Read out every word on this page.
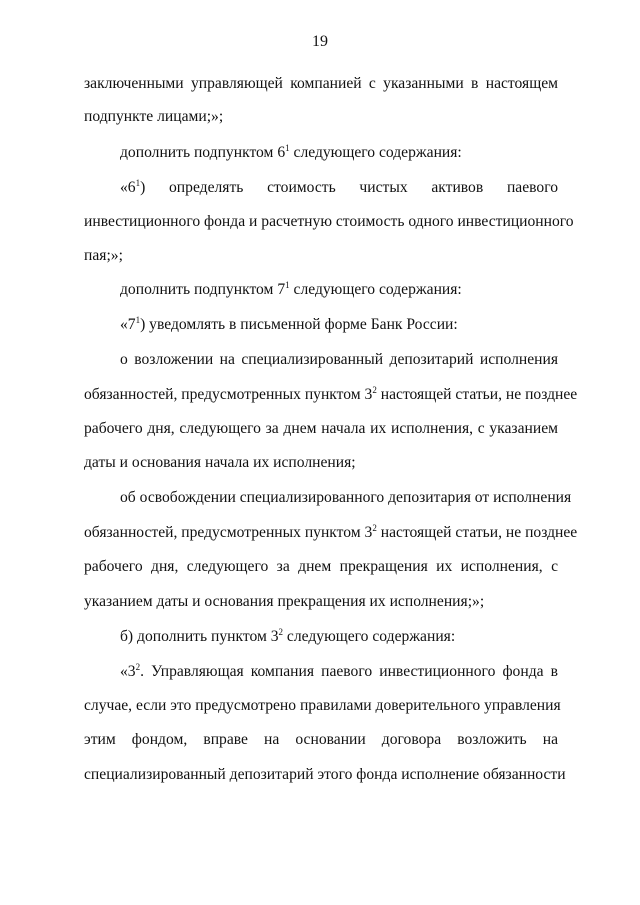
19
заключенными управляющей компанией с указанными в настоящем
подпункте лицами;»;
дополнить подпунктом $6^1$ следующего содержания:
«$6^1$) определять стоимость чистых активов паевого
инвестиционного фонда и расчетную стоимость одного инвестиционного
пая;»;
дополнить подпунктом $7^1$ следующего содержания:
«$7^1$) уведомлять в письменной форме Банк России:
о возложении на специализированный депозитарий исполнения
обязанностей, предусмотренных пунктом $3^2$ настоящей статьи, не позднее
рабочего дня, следующего за днем начала их исполнения, с указанием
даты и основания начала их исполнения;
об освобождении специализированного депозитария от исполнения
обязанностей, предусмотренных пунктом $3^2$ настоящей статьи, не позднее
рабочего дня, следующего за днем прекращения их исполнения, с
указанием даты и основания прекращения их исполнения;»;
б) дополнить пунктом $3^2$ следующего содержания:
«$3^2$. Управляющая компания паевого инвестиционного фонда в
случае, если это предусмотрено правилами доверительного управления
этим фондом, вправе на основании договора возложить на
специализированный депозитарий этого фонда исполнение обязанности
